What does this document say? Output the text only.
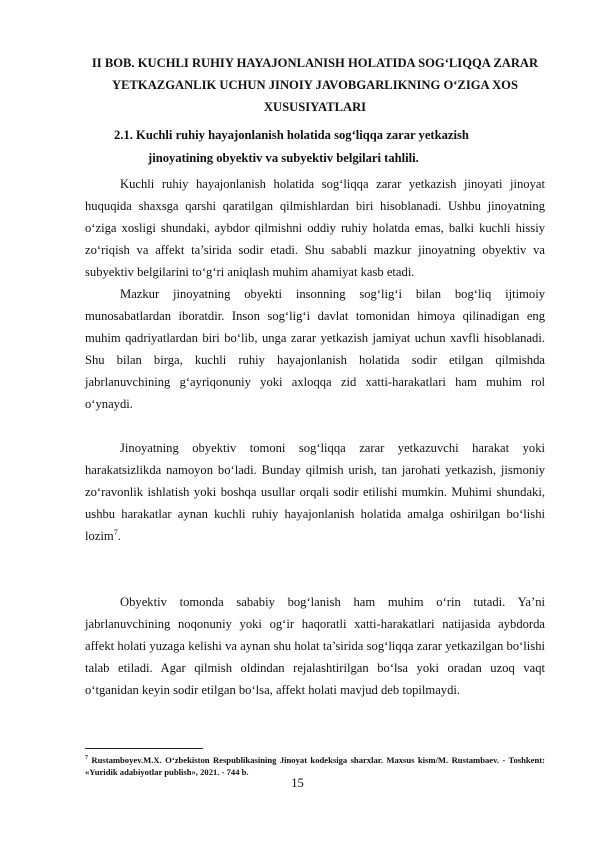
II BOB. KUCHLI RUHIY HAYAJONLANISH HOLATIDA SOG‘LIQQA ZARAR YETKAZGANLIK UCHUN JINOIY JAVOBGARLIKNING O‘ZIGA XOS XUSUSIYATLARI
2.1. Kuchli ruhiy hayajonlanish holatida sog‘liqqa zarar yetkazish
jinoyatining obyektiv va subyektiv belgilari tahlili.

Kuchli ruhiy hayajonlanish holatida sog‘liqqa zarar yetkazish jinoyati jinoyat huquqida shaxsga qarshi qaratilgan qilmishlardan biri hisoblanadi. Ushbu jinoyatning o‘ziga xosligi shundaki, aybdor qilmishni oddiy ruhiy holatda emas, balki kuchli hissiy zo‘riqish va affekt ta’sirida sodir etadi. Shu sababli mazkur jinoyatning obyektiv va subyektiv belgilarini to‘g‘ri aniqlash muhim ahamiyat kasb etadi.

Mazkur jinoyatning obyekti insonning sog‘lig‘i bilan bog‘liq ijtimoiy munosabatlardan iboratdir. Inson sog‘lig‘i davlat tomonidan himoya qilinadigan eng muhim qadriyatlardan biri bo‘lib, unga zarar yetkazish jamiyat uchun xavfli hisoblanadi. Shu bilan birga, kuchli ruhiy hayajonlanish holatida sodir etilgan qilmishda jabrlanuvchining g‘ayriqonuniy yoki axloqqa zid xatti-harakatlari ham muhim rol o‘ynaydi.

Jinoyatning obyektiv tomoni sog‘liqqa zarar yetkazuvchi harakat yoki harakatsizlikda namoyon bo‘ladi. Bunday qilmish urish, tan jarohati yetkazish, jismoniy zo‘ravonlik ishlatish yoki boshqa usullar orqali sodir etilishi mumkin. Muhimi shundaki, ushbu harakatlar aynan kuchli ruhiy hayajonlanish holatida amalga oshirilgan bo‘lishi lozim$^7$.

Obyektiv tomonda sababiy bog‘lanish ham muhim o‘rin tutadi. Ya’ni jabrlanuvchining noqonuniy yoki og‘ir haqoratli xatti-harakatlari natijasida aybdorda affekt holati yuzaga kelishi va aynan shu holat ta’sirida sog‘liqqa zarar yetkazilgan bo‘lishi talab etiladi. Agar qilmish oldindan rejalashtirilgan bo‘lsa yoki oradan uzoq vaqt o‘tganidan keyin sodir etilgan bo‘lsa, affekt holati mavjud deb topilmaydi.

$^7$ Rustamboyev.M.X. O‘zbekiston Respublikasining Jinoyat kodeksiga sharxlar. Maxsus kism/M. Rustambaev. - Toshkent: «Yuridik adabiyotlar publish», 2021. - 744 b.

15
